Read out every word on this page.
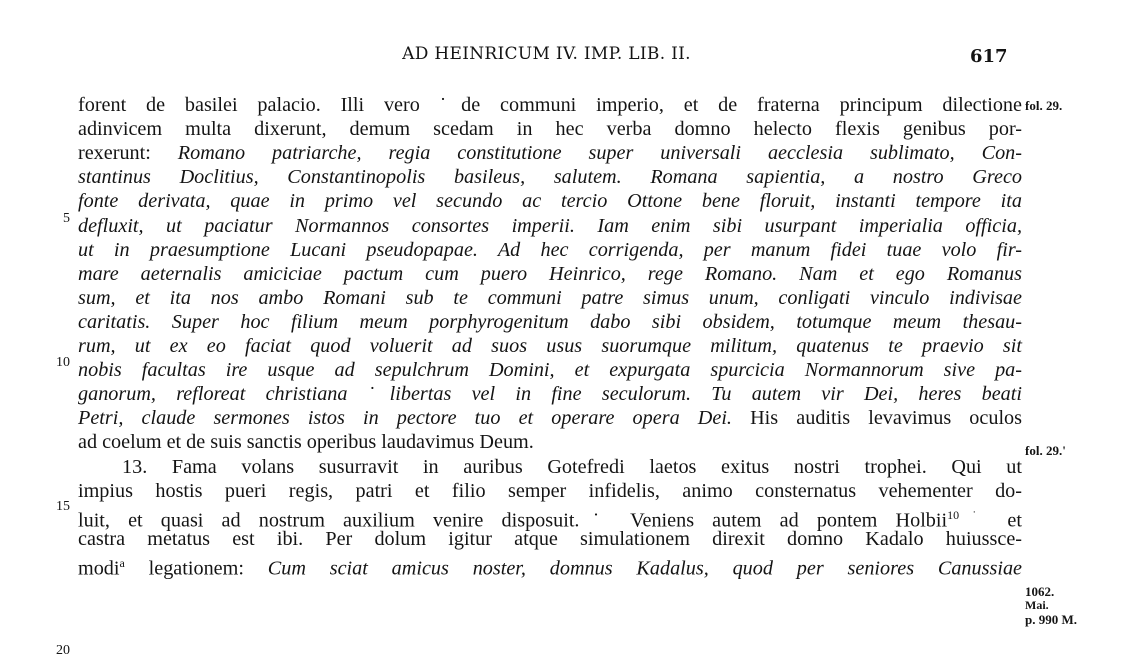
AD HEINRICUM IV. IMP. LIB. II.	617
forent de basilei palacio. Illi vero ˙de communi imperio, et de fraterna principum dilectione
adinvicem multa dixerunt, demum scedam in hec verba domno helecto flexis genibus por-
rexerunt: Romano patriarche, regia constitutione super universali aecclesia sublimato, Con-
stantinus Doclitius, Constantinopolis basileus, salutem. Romana sapientia, a nostro Greco
fonte derivata, quae in primo vel secundo ac tercio Ottone bene floruit, instanti tempore ita
defluxit, ut paciatur Normannos consortes imperii. Iam enim sibi usurpant imperialia officia,
ut in praesumptione Lucani pseudopapae. Ad hec corrigenda, per manum fidei tuae volo fir-
mare aeternalis amiciciae pactum cum puero Heinrico, rege Romano. Nam et ego Romanus
sum, et ita nos ambo Romani sub te communi patre simus unum, conligati vinculo indivisae
caritatis. Super hoc filium meum porphyrogenitum dabo sibi obsidem, totumque meum thesau-
rum, ut ex eo faciat quod voluerit ad suos usus suorumque militum, quatenus te praevio sit
nobis facultas ire usque ad sepulchrum Domini, et expurgata spurcicia Normannorum sive pa-
ganorum, refloreat christiana ˙libertas vel in fine seculorum. Tu autem vir Dei, heres beati
Petri, claude sermones istos in pectore tuo et operare opera Dei. His auditis levavimus oculos
ad coelum et de suis sanctis operibus laudavimus Deum.
13. Fama volans susurravit in auribus Gotefredi laetos exitus nostri trophei. Qui ut
impius hostis pueri regis, patri et filio semper infidelis, animo consternatus vehementer do-
luit, et quasi ad nostrum auxilium venire disposuit.˙ Veniens autem ad pontem Holbii$^{10˙}$ et
castra metatus est ibi. Per dolum igitur atque simulationem direxit domno Kadalo huiussce-
modi$^a$ legationem: Cum sciat amicus noster, domnus Kadalus, quod per seniores Canussiae
5
10
15
20
fol. 29.
fol. 29.'
1062.
Mai.
p. 990 M.
